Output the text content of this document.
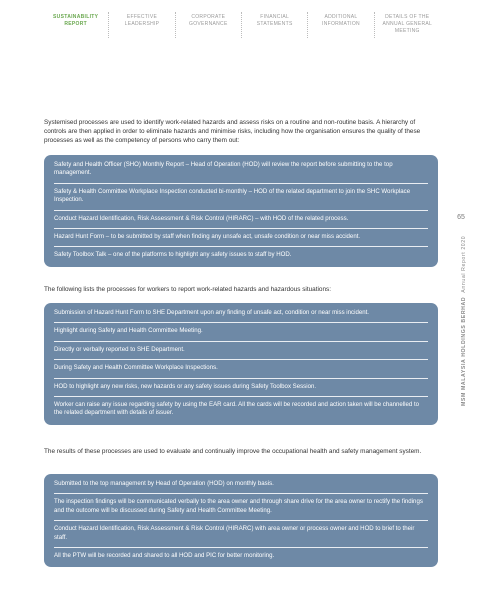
SUSTAINABILITY REPORT
EFFECTIVE LEADERSHIP
CORPORATE GOVERNANCE
FINANCIAL STATEMENTS
ADDITIONAL INFORMATION
DETAILS OF THE ANNUAL GENERAL MEETING

Systemised processes are used to identify work-related hazards and assess risks on a routine and non-routine basis. A hierarchy of controls are then applied in order to eliminate hazards and minimise risks, including how the organisation ensures the quality of these processes as well as the competency of persons who carry them out:

Safety and Health Officer (SHO) Monthly Report – Head of Operation (HOD) will review the report before submitting to the top management.
Safety & Health Committee Workplace Inspection conducted bi-monthly – HOD of the related department to join the SHC Workplace Inspection.
Conduct Hazard Identification, Risk Assessment & Risk Control (HIRARC) – with HOD of the related process.
Hazard Hunt Form – to be submitted by staff when finding any unsafe act, unsafe condition or near miss accident.
Safety Toolbox Talk – one of the platforms to highlight any safety issues to staff by HOD.

The following lists the processes for workers to report work-related hazards and hazardous situations:

Submission of Hazard Hunt Form to SHE Department upon any finding of unsafe act, condition or near miss incident.
Highlight during Safety and Health Committee Meeting.
Directly or verbally reported to SHE Department.
During Safety and Health Committee Workplace Inspections.
HOD to highlight any new risks, new hazards or any safety issues during Safety Toolbox Session.
Worker can raise any issue regarding safety by using the EAR card. All the cards will be recorded and action taken will be channelled to the related department with details of issuer.

The results of these processes are used to evaluate and continually improve the occupational health and safety management system.

Submitted to the top management by Head of Operation (HOD) on monthly basis.
The inspection findings will be communicated verbally to the area owner and through share drive for the area owner to rectify the findings and the outcome will be discussed during Safety and Health Committee Meeting.
Conduct Hazard Identification, Risk Assessment & Risk Control (HIRARC) with area owner or process owner and HOD to brief to their staff.
All the PTW will be recorded and shared to all HOD and PIC for better monitoring.
65
MSM MALAYSIA HOLDINGS BERHAD  Annual Report 2020
